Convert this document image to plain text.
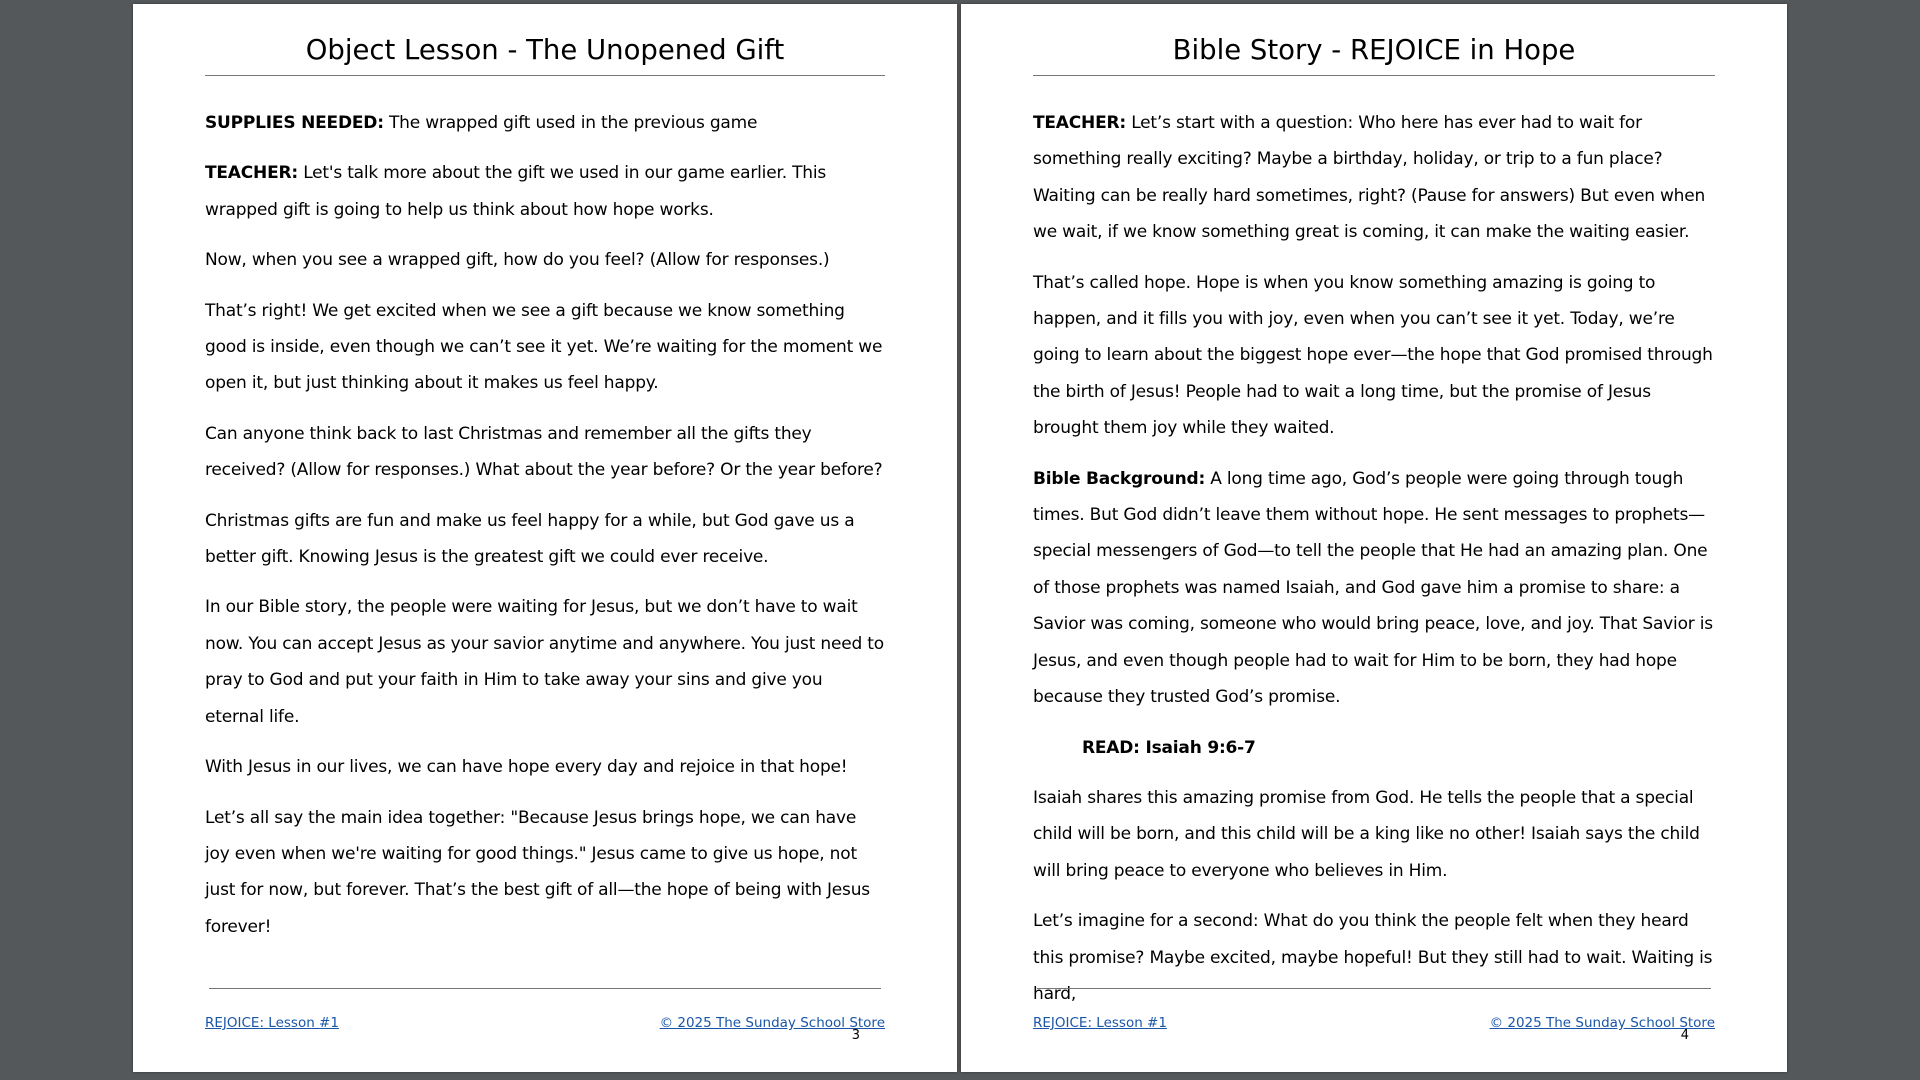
Object Lesson - The Unopened Gift

SUPPLIES NEEDED: The wrapped gift used in the previous game

TEACHER: Let's talk more about the gift we used in our game earlier. This wrapped gift is going to help us think about how hope works.

Now, when you see a wrapped gift, how do you feel? (Allow for responses.)

That’s right! We get excited when we see a gift because we know something good is inside, even though we can’t see it yet. We’re waiting for the moment we open it, but just thinking about it makes us feel happy.

Can anyone think back to last Christmas and remember all the gifts they received? (Allow for responses.) What about the year before? Or the year before?

Christmas gifts are fun and make us feel happy for a while, but God gave us a better gift. Knowing Jesus is the greatest gift we could ever receive.

In our Bible story, the people were waiting for Jesus, but we don’t have to wait now. You can accept Jesus as your savior anytime and anywhere. You just need to pray to God and put your faith in Him to take away your sins and give you eternal life.

With Jesus in our lives, we can have hope every day and rejoice in that hope!

Let’s all say the main idea together: "Because Jesus brings hope, we can have joy even when we're waiting for good things." Jesus came to give us hope, not just for now, but forever. That’s the best gift of all—the hope of being with Jesus forever!

REJOICE: Lesson #1	© 2025 The Sunday School Store
3
Bible Story - REJOICE in Hope

TEACHER: Let’s start with a question: Who here has ever had to wait for something really exciting? Maybe a birthday, holiday, or trip to a fun place? Waiting can be really hard sometimes, right? (Pause for answers) But even when we wait, if we know something great is coming, it can make the waiting easier.

That’s called hope. Hope is when you know something amazing is going to happen, and it fills you with joy, even when you can’t see it yet. Today, we’re going to learn about the biggest hope ever—the hope that God promised through the birth of Jesus! People had to wait a long time, but the promise of Jesus brought them joy while they waited.

Bible Background: A long time ago, God’s people were going through tough times. But God didn’t leave them without hope. He sent messages to prophets—special messengers of God—to tell the people that He had an amazing plan. One of those prophets was named Isaiah, and God gave him a promise to share: a Savior was coming, someone who would bring peace, love, and joy. That Savior is Jesus, and even though people had to wait for Him to be born, they had hope because they trusted God’s promise.

READ: Isaiah 9:6-7

Isaiah shares this amazing promise from God. He tells the people that a special child will be born, and this child will be a king like no other! Isaiah says the child will bring peace to everyone who believes in Him.

Let’s imagine for a second: What do you think the people felt when they heard this promise? Maybe excited, maybe hopeful! But they still had to wait. Waiting is hard,

REJOICE: Lesson #1	© 2025 The Sunday School Store
4
